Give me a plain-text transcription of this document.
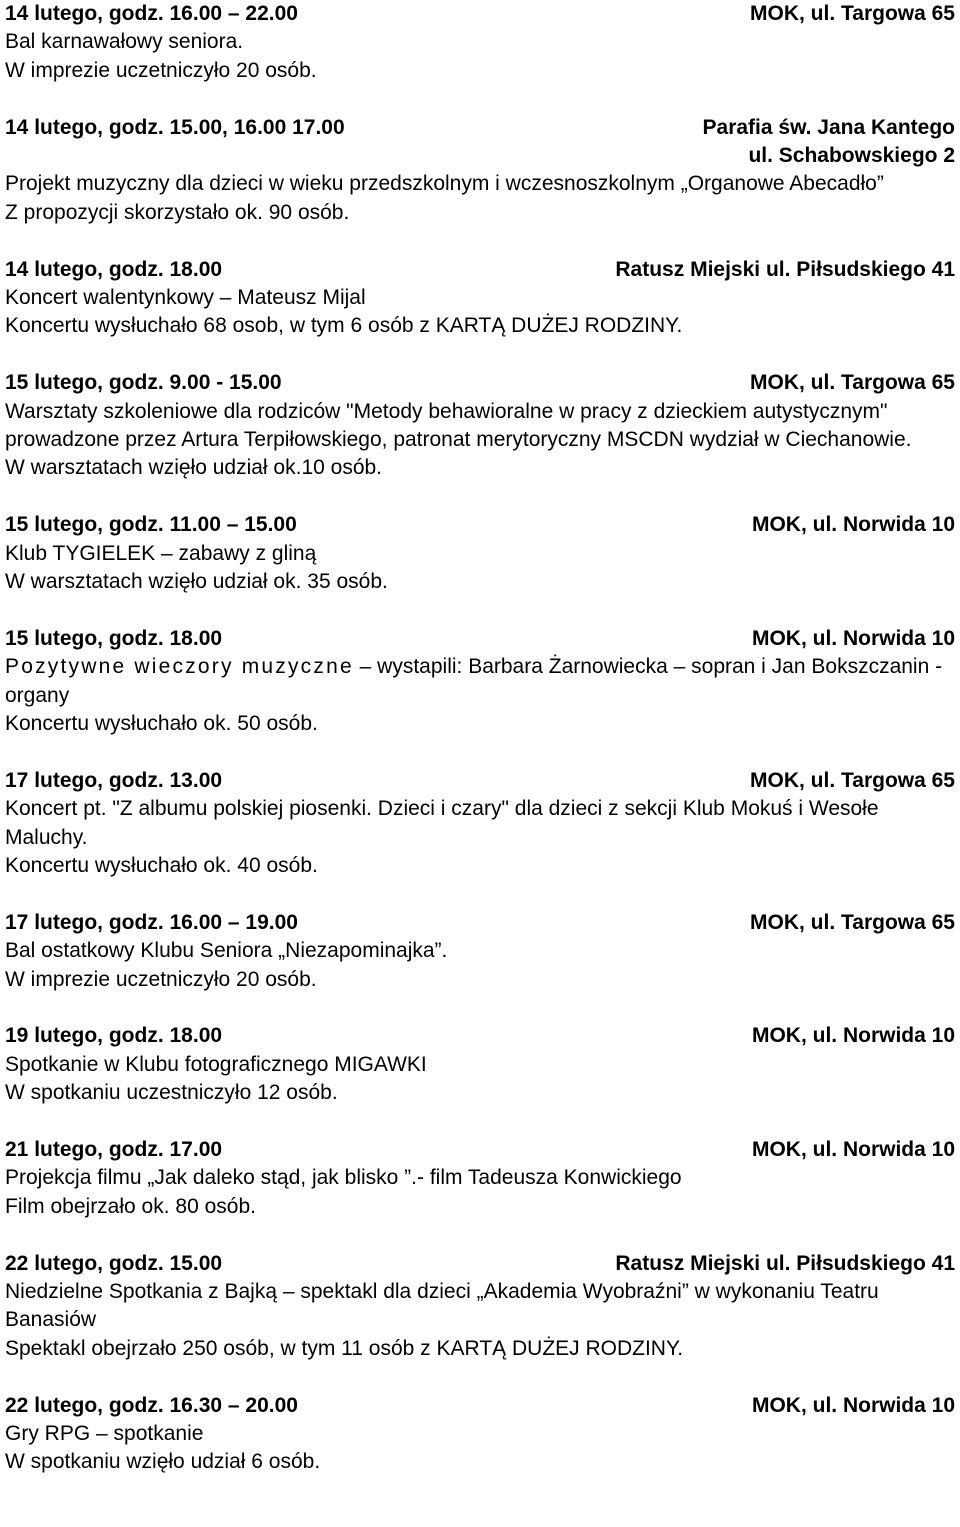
14 lutego, godz. 16.00 – 22.00	MOK, ul. Targowa 65
Bal karnawałowy seniora.
W imprezie uczetniczyło 20 osób.
14 lutego, godz. 15.00, 16.00 17.00	Parafia św. Jana Kantego
ul. Schabowskiego 2
Projekt muzyczny dla dzieci w wieku przedszkolnym i wczesnoszkolnym „Organowe Abecadło”
Z propozycji skorzystało ok. 90 osób.
14 lutego, godz. 18.00	Ratusz Miejski ul. Piłsudskiego 41
Koncert walentynkowy – Mateusz Mijal
Koncertu wysłuchało 68 osob, w tym 6 osób z KARTĄ DUŻEJ RODZINY.
15 lutego, godz. 9.00 - 15.00	MOK, ul. Targowa 65
Warsztaty szkoleniowe dla rodziców "Metody behawioralne w pracy z dzieckiem autystycznym" prowadzone przez Artura Terpiłowskiego, patronat merytoryczny MSCDN wydział w Ciechanowie.
W warsztatach wzięło udział ok.10 osób.
15 lutego, godz. 11.00 – 15.00	MOK, ul. Norwida 10
Klub TYGIELEK – zabawy z gliną
W warsztatach wzięło udział ok. 35 osób.
15 lutego, godz. 18.00	MOK, ul. Norwida 10
Pozytywne wieczory muzyczne – wystapili: Barbara Żarnowiecka – sopran i Jan Bokszczanin - organy
Koncertu wysłuchało ok. 50 osób.
17 lutego, godz. 13.00	MOK, ul. Targowa 65
Koncert pt. "Z albumu polskiej piosenki. Dzieci i czary" dla dzieci z sekcji Klub Mokuś i Wesołe Maluchy.
Koncertu wysłuchało ok. 40 osób.
17 lutego, godz. 16.00 – 19.00	MOK, ul. Targowa 65
Bal ostatkowy Klubu Seniora „Niezapominajka”.
W imprezie uczetniczyło 20 osób.
19 lutego, godz. 18.00	MOK, ul. Norwida 10
Spotkanie w Klubu fotograficznego MIGAWKI
W spotkaniu uczestniczyło 12 osób.
21 lutego, godz. 17.00	MOK, ul. Norwida 10
Projekcja filmu „Jak daleko stąd, jak blisko ”.- film Tadeusza Konwickiego
Film obejrzało ok. 80 osób.
22 lutego, godz. 15.00	Ratusz Miejski ul. Piłsudskiego 41
Niedzielne Spotkania z Bajką – spektakl dla dzieci „Akademia Wyobraźni” w wykonaniu Teatru Banasiów
Spektakl obejrzało 250 osób, w tym 11 osób z KARTĄ DUŻEJ RODZINY.
22 lutego, godz. 16.30 – 20.00	MOK, ul. Norwida 10
Gry RPG – spotkanie
W spotkaniu wzięło udział 6 osób.
